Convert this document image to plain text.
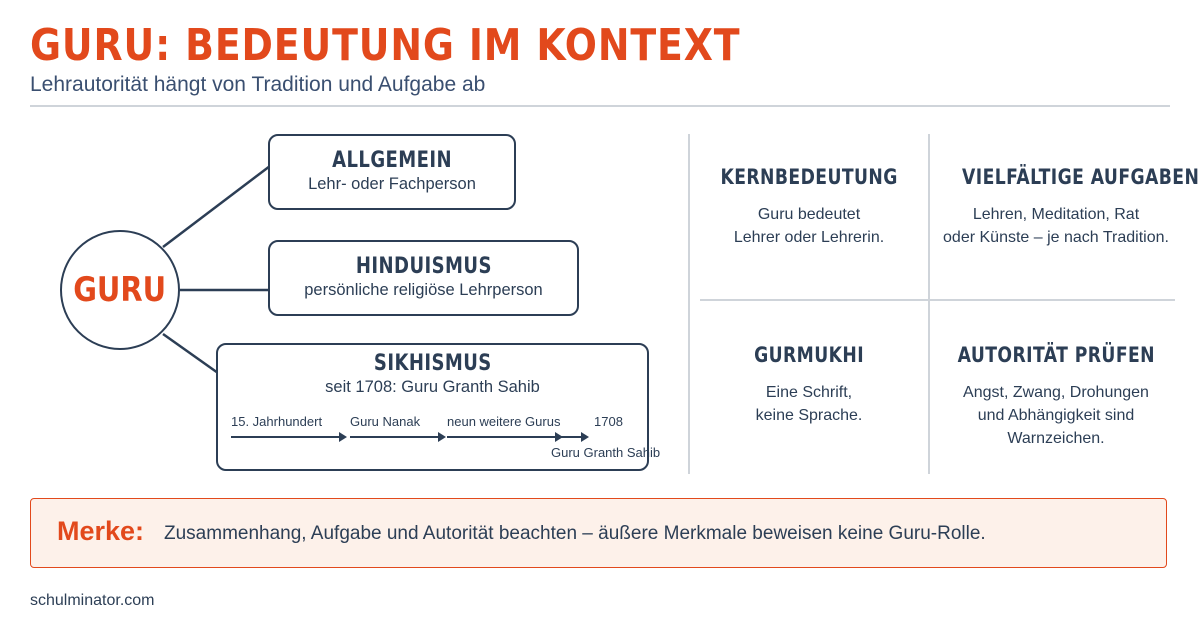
GURU: BEDEUTUNG IM KONTEXT
Lehrautorität hängt von Tradition und Aufgabe ab
GURU
ALLGEMEIN
Lehr- oder Fachperson
HINDUISMUS
persönliche religiöse Lehrperson
SIKHISMUS
seit 1708: Guru Granth Sahib
15. Jahrhundert Guru Nanak neun weitere Gurus	1708
Guru Granth Sahib
KERNBEDEUTUNG
Guru bedeutet
Lehrer oder Lehrerin.
VIELFÄLTIGE AUFGABEN
Lehren, Meditation, Rat
oder Künste – je nach Tradition.
GURMUKHI
Eine Schrift,
keine Sprache.
AUTORITÄT PRÜFEN
Angst, Zwang, Drohungen
und Abhängigkeit sind
Warnzeichen.
Merke: Zusammenhang, Aufgabe und Autorität beachten – äußere Merkmale beweisen keine Guru-Rolle.
schulminator.com
